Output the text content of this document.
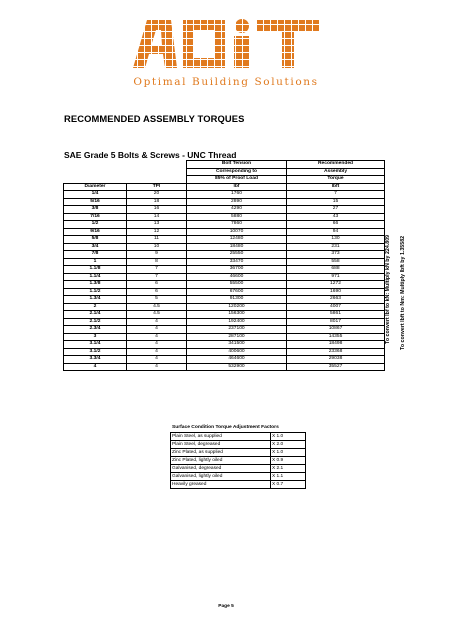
Optimal Building Solutions
RECOMMENDED ASSEMBLY TORQUES
SAE Grade 5 Bolts & Screws - UNC Thread
		Bolt Tension	Recommended
		Corresponding to	Assembly
		85% of Proof Load	Torque
Diameter	TPI	lbf	lbft
1/4	20	1760	7
5/16	18	2890	15
3/8	16	4290	27
7/16	14	5880	43
1/2	13	7860	66
9/16	12	10070	94
5/8	11	12480	130
3/4	10	18480	231
7/8	9	25550	373
1	8	33470	558
1.1/8	7	36700	688
1.1/4	7	46600	971
1.3/8	6	55500	1272
1.1/2	6	67600	1690
1.3/4	5	91300	2663
2	4.5	120200	4007
2.1/4	4.5	156300	5861
2.1/2	4	192400	8017
2.3/4	4	237100	10867
3	4	287100	14355
3.1/4	4	341500	18498
3.1/2	4	400600	23368
3.3/4	4	464600	29038
4	4	532900	35527
To convert lbf to kN: Multiply kN by 224.809 To convert lbft to Nm: Multiply lbft by 1.35582
Surface Condition Torque Adjustment Factors
Plain Steel, as supplied	X 1.0
Plain Steel, degreased	X 2.0
Zinc Plated, as supplied	X 1.0
Zinc Plated, lightly oiled	X 0.9
Galvanised, degreased	X 2.1
Galvanised, lightly oiled	X 1.1
Heavily greased	X 0.7
Page 5
